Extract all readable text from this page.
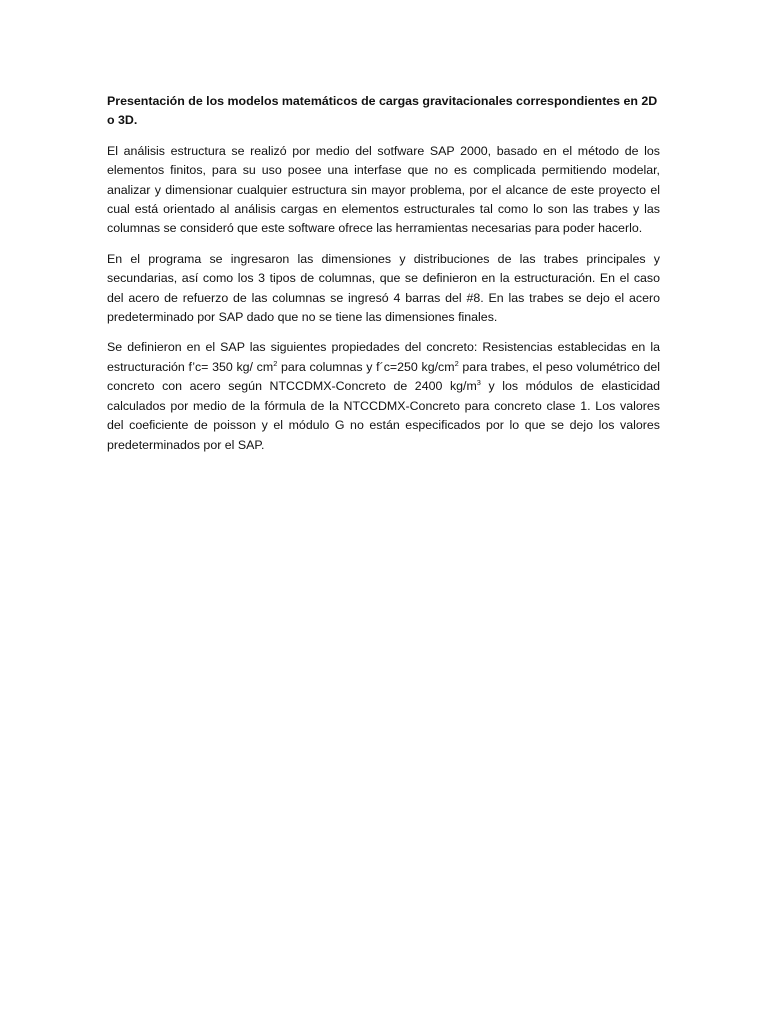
Presentación de los modelos matemáticos de cargas gravitacionales correspondientes en 2D o 3D.

El análisis estructura se realizó por medio del sotfware SAP 2000, basado en el método de los elementos finitos, para su uso posee una interfase que no es complicada permitiendo modelar, analizar y dimensionar cualquier estructura sin mayor problema, por el alcance de este proyecto el cual está orientado al análisis cargas en elementos estructurales tal como lo son las trabes y las columnas se consideró que este software ofrece las herramientas necesarias para poder hacerlo.

En el programa se ingresaron las dimensiones y distribuciones de las trabes principales y secundarias, así como los 3 tipos de columnas, que se definieron en la estructuración. En el caso del acero de refuerzo de las columnas se ingresó 4 barras del #8. En las trabes se dejo el acero predeterminado por SAP dado que no se tiene las dimensiones finales.

Se definieron en el SAP las siguientes propiedades del concreto: Resistencias establecidas en la estructuración f’c= 350 kg/ $cm^2$ para columnas y f´c=250 $kg/cm^2$ para trabes, el peso volumétrico del concreto con acero según NTCCDMX-Concreto de 2400 $kg/m^3$ y los módulos de elasticidad calculados por medio de la fórmula de la NTCCDMX-Concreto para concreto clase 1. Los valores del coeficiente de poisson y el módulo G no están especificados por lo que se dejo los valores predeterminados por el SAP.
